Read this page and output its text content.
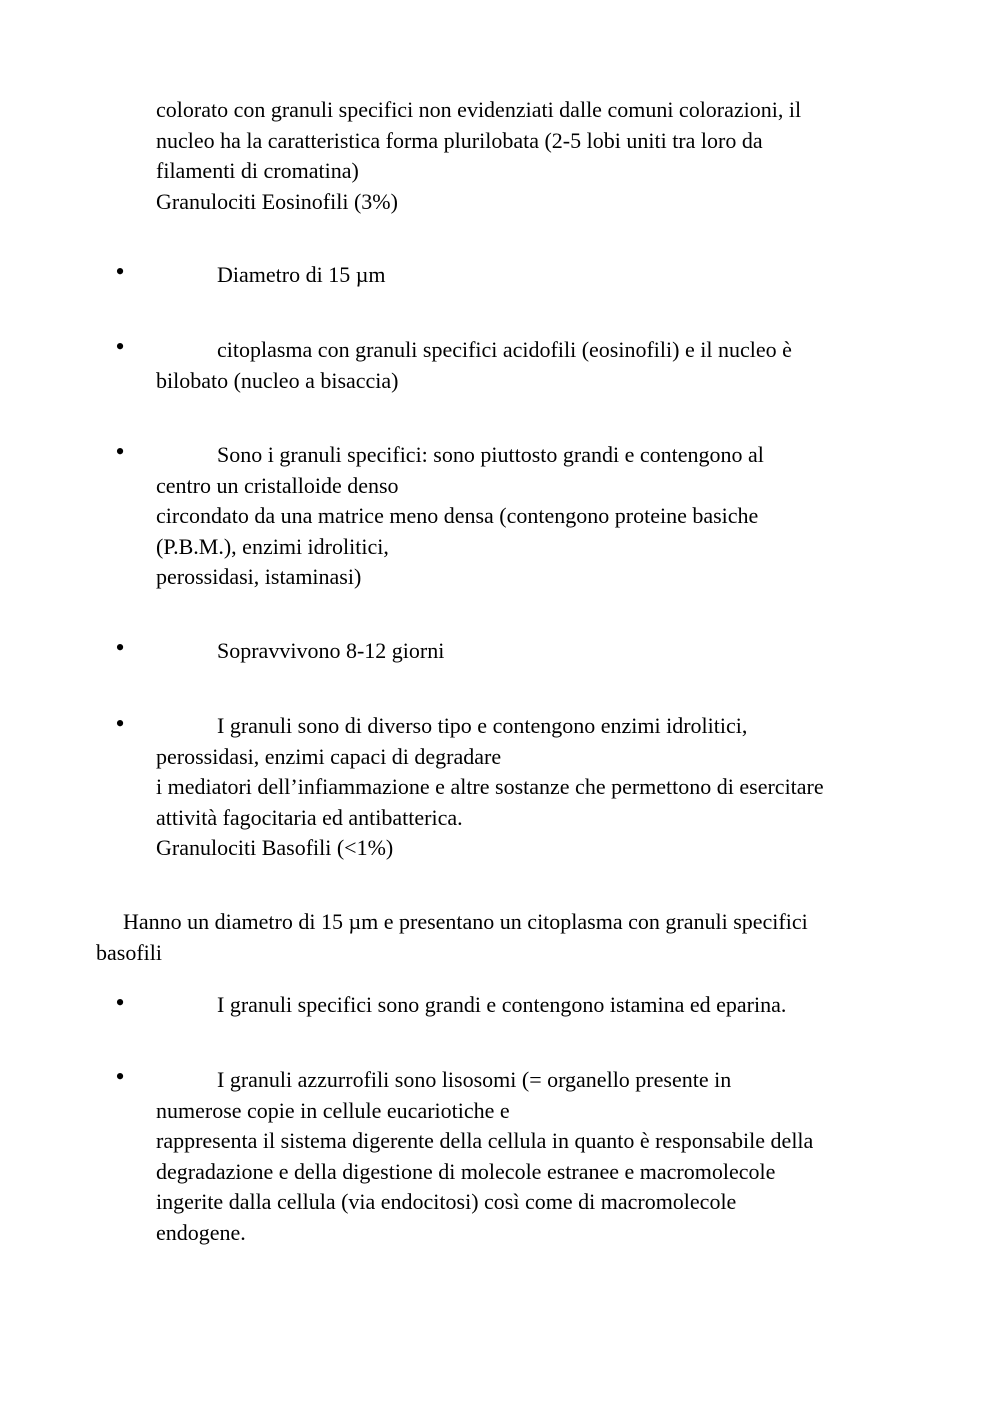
colorato con granuli specifici non evidenziati dalle comuni colorazioni, il
nucleo ha la caratteristica forma plurilobata (2-5 lobi uniti tra loro da
filamenti di cromatina)
Granulociti Eosinofili (3%)
•	Diametro di 15 µm
•	citoplasma con granuli specifici acidofili (eosinofili) e il nucleo è
bilobato (nucleo a bisaccia)
•	Sono i granuli specifici: sono piuttosto grandi e contengono al
centro un cristalloide denso
circondato da una matrice meno densa (contengono proteine basiche
(P.B.M.), enzimi idrolitici,
perossidasi, istaminasi)
•	Sopravvivono 8-12 giorni
•	I granuli sono di diverso tipo e contengono enzimi idrolitici,
perossidasi, enzimi capaci di degradare
i mediatori dell’infiammazione e altre sostanze che permettono di esercitare
attività fagocitaria ed antibatterica.
Granulociti Basofili (<1%)
Hanno un diametro di 15 µm e presentano un citoplasma con granuli specifici
basofili
•	I granuli specifici sono grandi e contengono istamina ed eparina.
•	I granuli azzurrofili sono lisosomi (= organello presente in
numerose copie in cellule eucariotiche e
rappresenta il sistema digerente della cellula in quanto è responsabile della
degradazione e della digestione di molecole estranee e macromolecole
ingerite dalla cellula (via endocitosi) così come di macromolecole
endogene.
